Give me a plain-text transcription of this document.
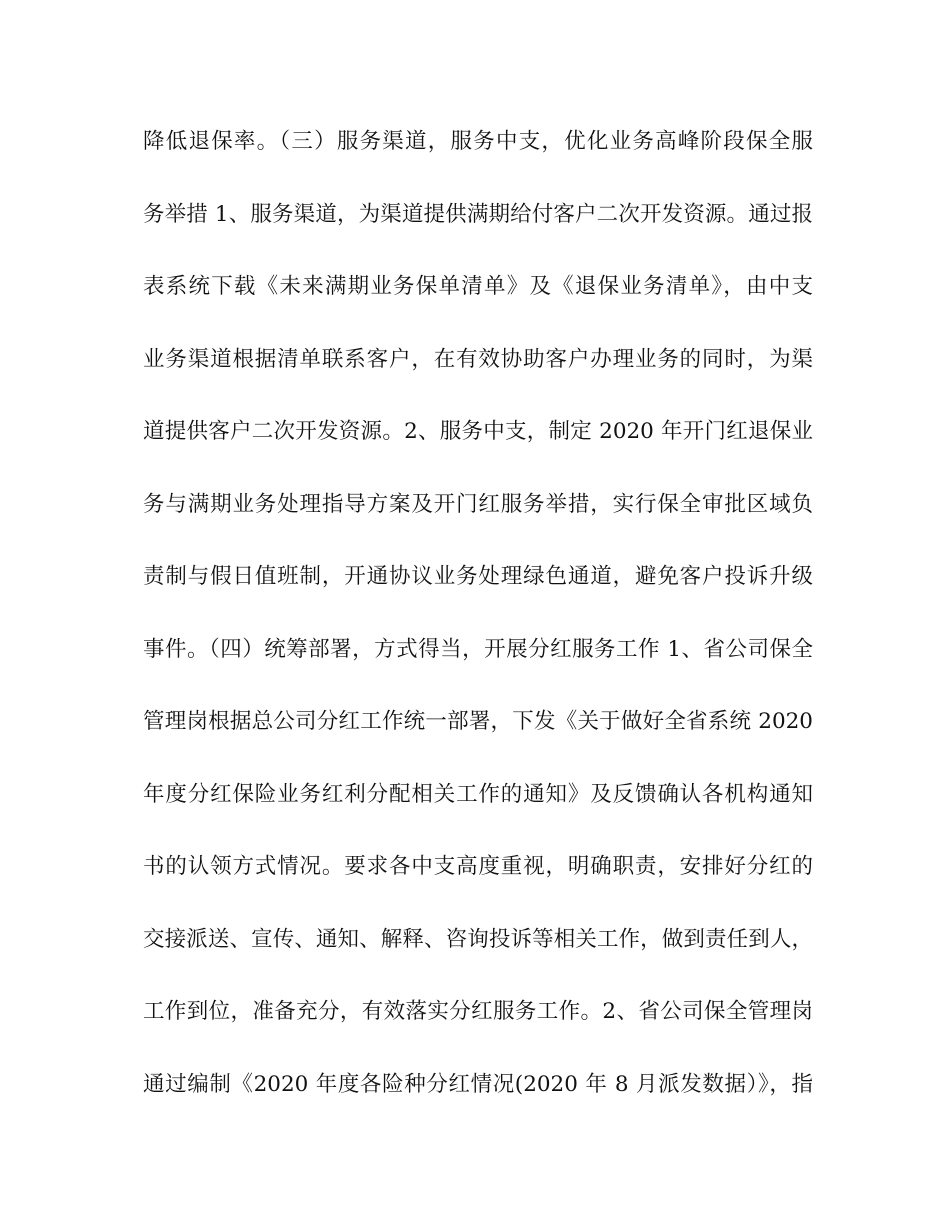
降低退保率。（三）服务渠道，服务中支，优化业务高峰阶段保全服
务举措 1、服务渠道，为渠道提供满期给付客户二次开发资源。通过报
表系统下载《未来满期业务保单清单》及《退保业务清单》，由中支
业务渠道根据清单联系客户，在有效协助客户办理业务的同时，为渠
道提供客户二次开发资源。2、服务中支，制定 2020 年开门红退保业
务与满期业务处理指导方案及开门红服务举措，实行保全审批区域负
责制与假日值班制，开通协议业务处理绿色通道，避免客户投诉升级
事件。（四）统筹部署，方式得当，开展分红服务工作 1、省公司保全
管理岗根据总公司分红工作统一部署，下发《关于做好全省系统 2020
年度分红保险业务红利分配相关工作的通知》及反馈确认各机构通知
书的认领方式情况。要求各中支高度重视，明确职责，安排好分红的
交接派送、宣传、通知、解释、咨询投诉等相关工作，做到责任到人，
工作到位，准备充分，有效落实分红服务工作。2、省公司保全管理岗
通过编制《2020 年度各险种分红情况(2020 年 8 月派发数据）》，指
